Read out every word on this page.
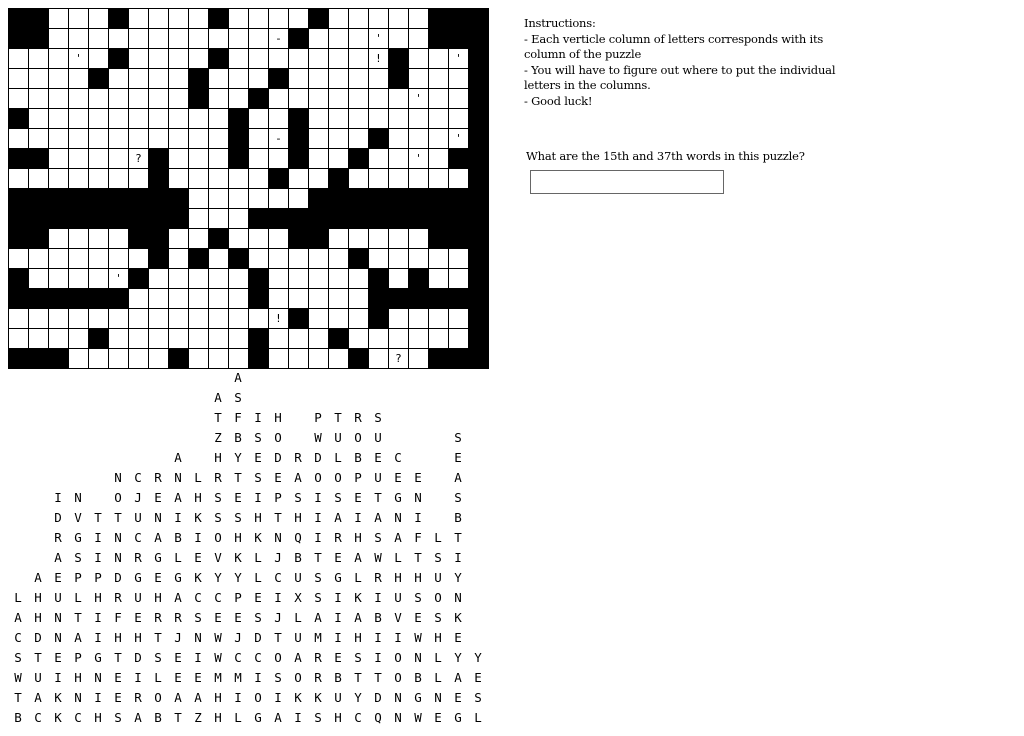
-	'
'	!	'
'
-	'
?	'
'
!
?

Instructions:

- Each verticle column of letters corresponds with its column of the puzzle

- You will have to figure out where to put the individual letters in the columns.

- Good luck!

What are the 15th and 37th words in this puzzle?
L
A
C
S
W
T
B
A
H
H
D
T
U
A
C
I
D
R
A
E
U
N
N
E
I
K
K
N
V
G
S
P
L
T
A
P
H
N
C
T
I
I
P
H
I
I
G
N
I
H
N
O
T
N
N
D
R
F
H
T
E
E
S
C
J
U
C
R
G
U
E
H
D
I
R
A
R
E
N
A
G
E
H
R
T
S
L
O
B
A
N
A
I
B
L
G
A
R
J
E
E
A
T
L
H
K
I
E
K
C
S
N
I
E
A
Z
A
T
Z
H
R
S
S
O
V
Y
C
E
W
W
M
H
H
A
S
F
B
Y
T
E
S
H
K
Y
P
E
J
C
M
I
L
I
S
E
S
I
H
K
L
L
E
S
D
C
I
O
G
H
O
D
E
P
T
N
J
C
I
J
T
O
S
I
A
R
A
S
H
Q
B
U
X
L
U
A
O
K
I
P
W
D
O
I
I
I
T
S
S
A
M
R
R
K
S
T
U
L
O
S
A
R
E
G
I
I
I
E
B
U
H
R
O
B
P
E
I
H
A
L
K
A
H
S
T
Y
C
S
U
E
U
T
A
S
W
R
I
B
I
I
T
D
Q
C
E
G
N
A
L
H
U
V
I
O
O
N
N
E
N
I
F
T
H
S
E
W
N
B
G
W
L
S
U
O
S
H
L
L
N
E
S
E
A
S
B
T
I
Y
N
K
E
Y
A
E
G
Y
E
S
L
